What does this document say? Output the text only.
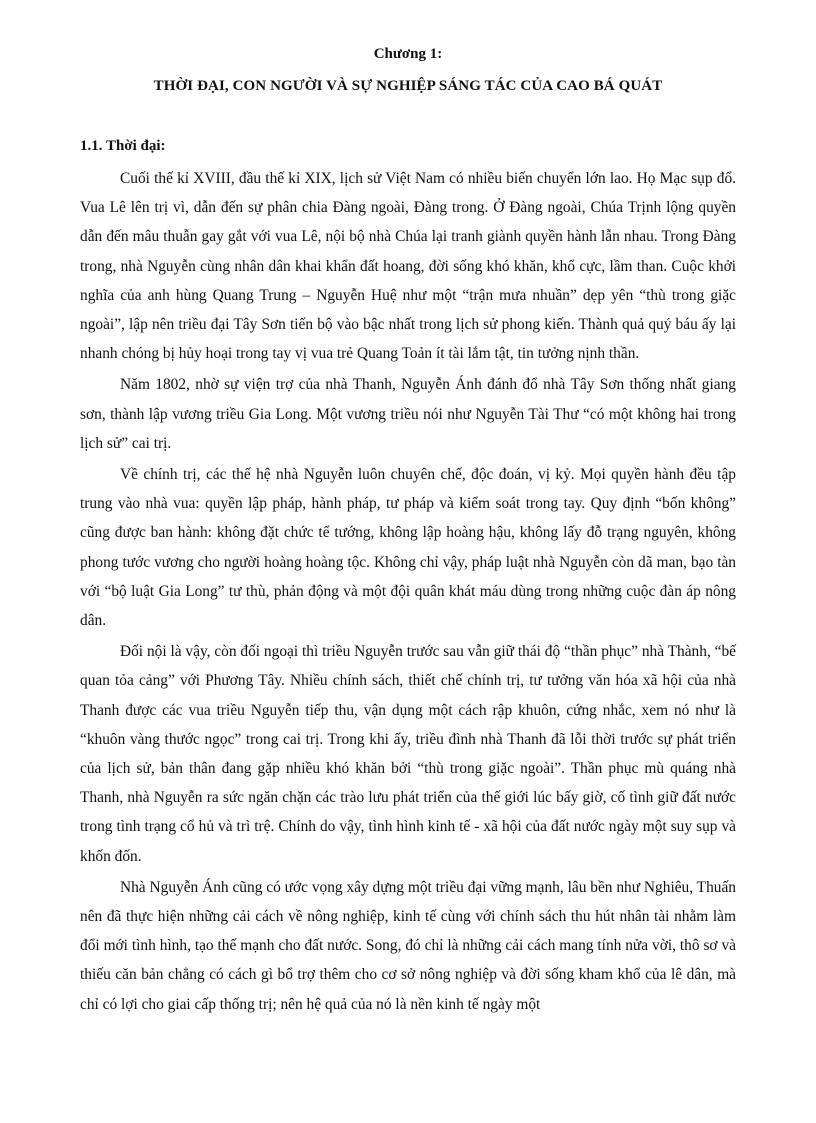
Chương 1:
THỜI ĐẠI, CON NGƯỜI VÀ SỰ NGHIỆP SÁNG TÁC CỦA CAO BÁ QUÁT
1.1. Thời đại:

Cuối thế kỉ XVIII, đầu thế kỉ XIX, lịch sử Việt Nam có nhiều biến chuyển lớn lao. Họ Mạc sụp đổ. Vua Lê lên trị vì, dẫn đến sự phân chia Đàng ngoài, Đàng trong. Ở Đàng ngoài, Chúa Trịnh lộng quyền dẫn đến mâu thuẫn gay gắt với vua Lê, nội bộ nhà Chúa lại tranh giành quyền hành lẫn nhau. Trong Đàng trong, nhà Nguyễn cùng nhân dân khai khẩn đất hoang, đời sống khó khăn, khổ cực, lầm than. Cuộc khởi nghĩa của anh hùng Quang Trung – Nguyễn Huệ như một “trận mưa nhuần” dẹp yên “thù trong giặc ngoài”, lập nên triều đại Tây Sơn tiến bộ vào bậc nhất trong lịch sử phong kiến. Thành quả quý báu ấy lại nhanh chóng bị hủy hoại trong tay vị vua trẻ Quang Toản ít tài lắm tật, tin tưởng nịnh thần.

Năm 1802, nhờ sự viện trợ của nhà Thanh, Nguyễn Ánh đánh đổ nhà Tây Sơn thống nhất giang sơn, thành lập vương triều Gia Long. Một vương triều nói như Nguyễn Tài Thư “có một không hai trong lịch sử” cai trị.

Về chính trị, các thế hệ nhà Nguyễn luôn chuyên chế, độc đoán, vị kỷ. Mọi quyền hành đều tập trung vào nhà vua: quyền lập pháp, hành pháp, tư pháp và kiểm soát trong tay. Quy định “bốn không” cũng được ban hành: không đặt chức tể tướng, không lập hoàng hậu, không lấy đỗ trạng nguyên, không phong tước vương cho người hoàng hoàng tộc. Không chỉ vậy, pháp luật nhà Nguyễn còn dã man, bạo tàn với “bộ luật Gia Long” tư thù, phản động và một đội quân khát máu dùng trong những cuộc đàn áp nông dân.

Đối nội là vậy, còn đối ngoại thì triều Nguyễn trước sau vẫn giữ thái độ “thần phục” nhà Thành, “bế quan tỏa cảng” với Phương Tây. Nhiều chính sách, thiết chế chính trị, tư tưởng văn hóa xã hội của nhà Thanh được các vua triều Nguyễn tiếp thu, vận dụng một cách rập khuôn, cứng nhắc, xem nó như là “khuôn vàng thước ngọc” trong cai trị. Trong khi ấy, triều đình nhà Thanh đã lỗi thời trước sự phát triển của lịch sử, bản thân đang gặp nhiều khó khăn bởi “thù trong giặc ngoài”. Thần phục mù quáng nhà Thanh, nhà Nguyễn ra sức ngăn chặn các trào lưu phát triển của thế giới lúc bấy giờ, cố tình giữ đất nước trong tình trạng cổ hủ và trì trệ. Chính do vậy, tình hình kinh tế - xã hội của đất nước ngày một suy sụp và khốn đốn.

Nhà Nguyễn Ánh cũng có ước vọng xây dựng một triều đại vững mạnh, lâu bền như Nghiêu, Thuấn nên đã thực hiện những cải cách về nông nghiệp, kinh tế cùng với chính sách thu hút nhân tài nhằm làm đổi mới tình hình, tạo thế mạnh cho đất nước. Song, đó chỉ là những cải cách mang tính nửa vời, thô sơ và thiếu căn bản chẳng có cách gì bổ trợ thêm cho cơ sở nông nghiệp và đời sống kham khổ của lê dân, mà chỉ có lợi cho giai cấp thống trị; nên hệ quả của nó là nền kinh tế ngày một
